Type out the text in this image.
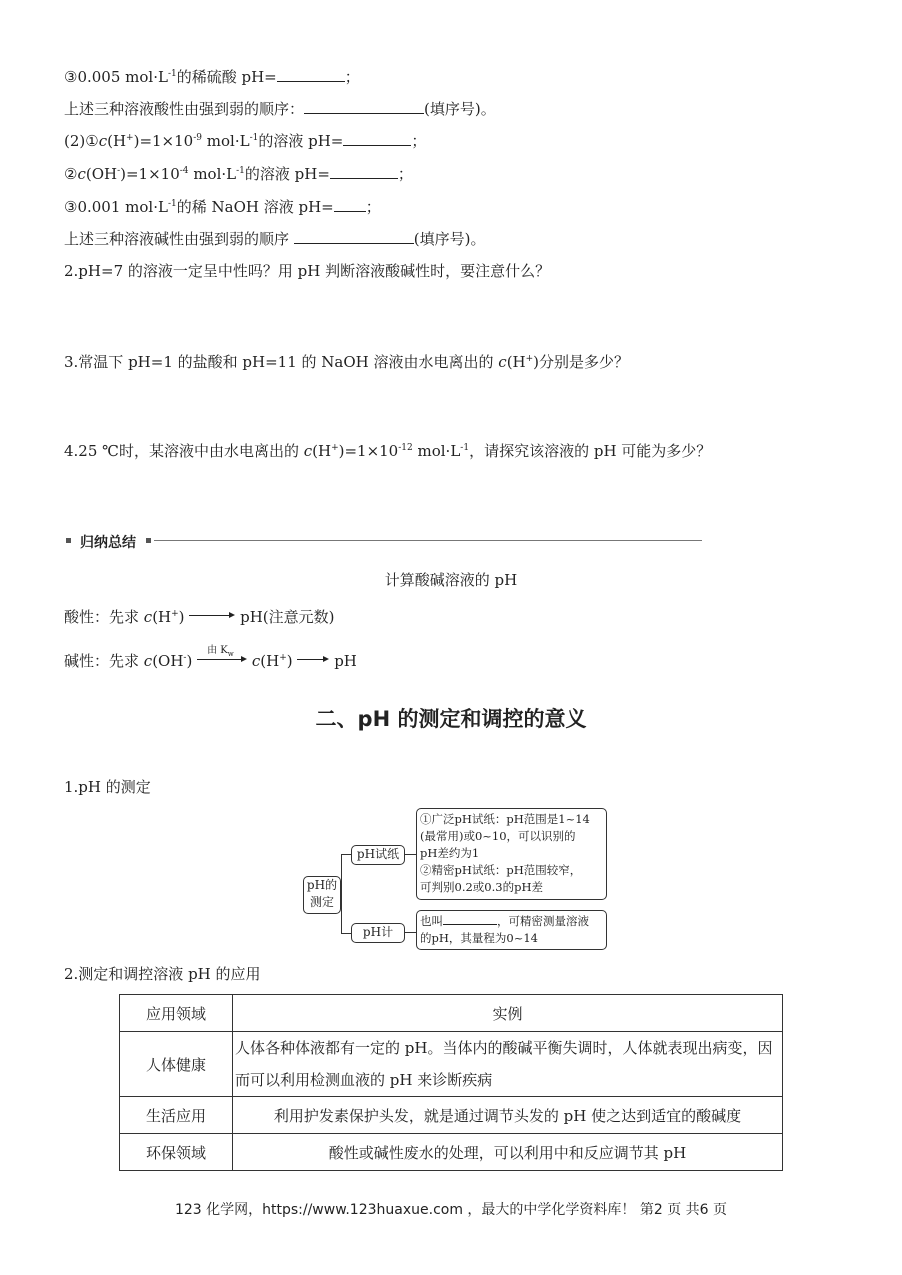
③0.005 $mol\cdot L^{-1}$的稀硫酸 pH=	；
上述三种溶液酸性由强到弱的顺序：	(填序号)。
$(2)①c(H^+)=1\times 10^{-9}$ $mol\cdot L^{-1}$的溶液 pH=	；
$②c(OH^-)=1\times 10^{-4}$ $mol\cdot L^{-1}$的溶液 pH=	；
③0.001 $mol\cdot L^{-1}$的稀 NaOH 溶液 pH= ；
上述三种溶液碱性由强到弱的顺序	(填序号)。
2.pH=7 的溶液一定呈中性吗？用 pH 判断溶液酸碱性时，要注意什么？
3.常温下 pH=1 的盐酸和 pH=11 的 NaOH 溶液由水电离出的 c(H+)分别是多少？
4.25 ℃时，某溶液中由水电离出的 $c(H^+)=1\times 10^{-12}$ $mol\cdot L^{-1}$，请探究该溶液的 pH 可能为多少？
归纳总结
计算酸碱溶液的 pH
酸性：先求 c(H+)	pH(注意元数)
碱性：先求 c(OH-)
由 $K_w$ c(H+)	pH
二、pH 的测定和调控的意义
1.pH 的测定
pH的
测定
pH试纸
pH计
①广泛pH试纸：pH范围是1~14
(最常用)或0~10，可以识别的
pH差约为1
②精密pH试纸：pH范围较窄，
可判别0.2或0.3的pH差
也叫	，可精密测量溶液
的pH，其量程为0~14
2.测定和调控溶液 pH 的应用
应用领域	实例
人体健康	人体各种体液都有一定的 pH。当体内的酸碱平衡失调时，人体就表现出病变，因而可以利用检测血液的 pH 来诊断疾病
生活应用	利用护发素保护头发，就是通过调节头发的 pH 使之达到适宜的酸碱度
环保领域	酸性或碱性废水的处理，可以利用中和反应调节其 pH
123 化学网，https://www.123huaxue.com ，最大的中学化学资料库！ 第2 页 共6 页
